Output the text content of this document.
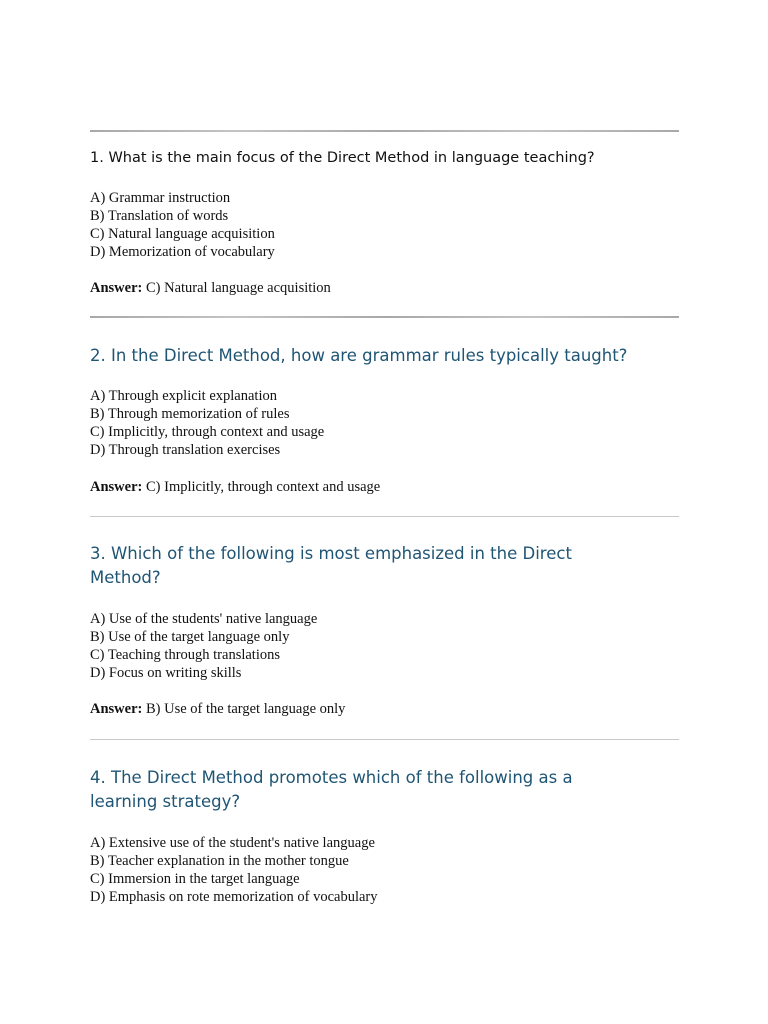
1. What is the main focus of the Direct Method in language teaching?
A) Grammar instruction
B) Translation of words
C) Natural language acquisition
D) Memorization of vocabulary

Answer: C) Natural language acquisition

2. In the Direct Method, how are grammar rules typically taught?
A) Through explicit explanation
B) Through memorization of rules
C) Implicitly, through context and usage
D) Through translation exercises

Answer: C) Implicitly, through context and usage

3. Which of the following is most emphasized in the Direct Method?
A) Use of the students' native language
B) Use of the target language only
C) Teaching through translations
D) Focus on writing skills

Answer: B) Use of the target language only

4. The Direct Method promotes which of the following as a learning strategy?
A) Extensive use of the student's native language
B) Teacher explanation in the mother tongue
C) Immersion in the target language
D) Emphasis on rote memorization of vocabulary
